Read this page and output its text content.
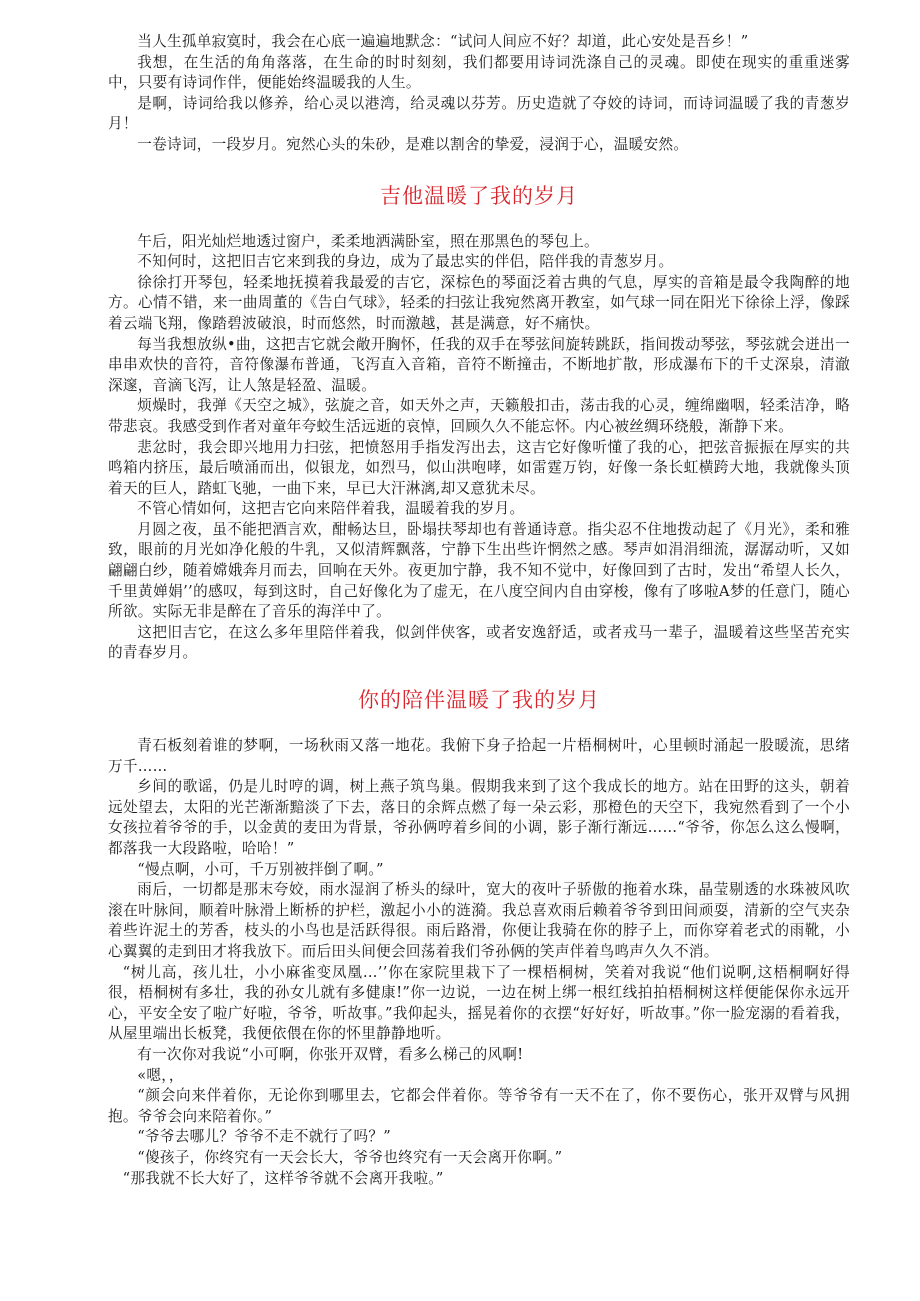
当人生孤单寂寞时，我会在心底一遍遍地默念：“试问人间应不好？却道，此心安处是吾乡！”

我想，在生活的角角落落，在生命的时时刻刻，我们都要用诗词洗涤自己的灵魂。即使在现实的重重迷雾中，只要有诗词作伴，便能始终温暖我的人生。

是啊，诗词给我以修养，给心灵以港湾，给灵魂以芬芳。历史造就了夺姣的诗词，而诗词温暖了我的青葱岁月！

一卷诗词，一段岁月。宛然心头的朱砂，是难以割舍的挚爱，浸润于心，温暖安然。

吉他温暖了我的岁月

午后，阳光灿烂地透过窗户，柔柔地洒满卧室，照在那黑色的琴包上。

不知何时，这把旧吉它来到我的身边，成为了最忠实的伴侣，陪伴我的青葱岁月。

徐徐打开琴包，轻柔地抚摸着我最爱的吉它，深棕色的琴面泛着古典的气息，厚实的音箱是最令我陶醉的地方。心情不错，来一曲周董的《告白气球》，轻柔的扫弦让我宛然离开教室，如气球一同在阳光下徐徐上浮，像踩着云端飞翔，像踏碧波破浪，时而悠然，时而激越，甚是满意，好不痛快。

每当我想放纵•曲，这把吉它就会敞开胸怀，任我的双手在琴弦间旋转跳跃，指间拨动琴弦，琴弦就会迸出一串串欢快的音符，音符像瀑布普通，飞泻直入音箱，音符不断撞击，不断地扩散，形成瀑布下的千丈深泉，清澈深邃，音滴飞泻，让人煞是轻盈、温暖。

烦燥时，我弹《天空之城》，弦旋之音，如天外之声，天籁般扣击，荡击我的心灵，缠绵幽咽，轻柔洁净，略带悲哀。我感受到作者对童年夸蛟生活远逝的哀悼，回顾久久不能忘怀。内心被丝绸环绕般，渐静下来。

悲忿时，我会即兴地用力扫弦，把愤怒用手指发泻出去，这吉它好像听懂了我的心，把弦音振振在厚实的共鸣箱内挤压，最后喷涌而出，似银龙，如烈马，似山洪咆哮，如雷霆万钧，好像一条长虹横跨大地，我就像头顶着天的巨人，踏虹飞驰，一曲下来，早已大汗淋漓,却又意犹未尽。

不管心情如何，这把吉它向来陪伴着我，温暖着我的岁月。

月圆之夜，虽不能把酒言欢，酣畅达旦，卧塌扶琴却也有普通诗意。指尖忍不住地拨动起了《月光》，柔和雅致，眼前的月光如净化般的牛乳，又似清辉飘落，宁静下生出些许惘然之感。琴声如涓涓细流，潺潺动听，又如翩翩白纱，随着嫦娥奔月而去，回响在天外。夜更加宁静，我不知不觉中，好像回到了古时，发出“希望人长久，千里黄婵娟’’的感叹，每到这时，自己好像化为了虚无，在八度空间内自由穿梭，像有了哆啦A梦的任意门，随心所欲。实际无非是醉在了音乐的海洋中了。

这把旧吉它，在这么多年里陪伴着我，似剑伴侠客，或者安逸舒适，或者戎马一辈子，温暖着这些坚苦充实的青春岁月。

你的陪伴温暖了我的岁月

青石板刻着谁的梦啊，一场秋雨又落一地花。我俯下身子拾起一片梧桐树叶，心里顿时涌起一股暖流，思绪万千……

乡间的歌谣，仍是儿时哼的调，树上燕子筑鸟巢。假期我来到了这个我成长的地方。站在田野的这头，朝着远处望去，太阳的光芒渐渐黯淡了下去，落日的余辉点燃了每一朵云彩，那橙色的天空下，我宛然看到了一个小女孩拉着爷爷的手，以金黄的麦田为背景，爷孙俩哼着乡间的小调，影子渐行渐远……“爷爷，你怎么这么慢啊，都落我一大段路啦，哈哈！”

“慢点啊，小可，千万别被拌倒了啊。”

雨后，一切都是那末夸姣，雨水湿润了桥头的绿叶，宽大的夜叶子骄傲的拖着水珠，晶莹剔透的水珠被风吹滚在叶脉间，顺着叶脉滑上断桥的护栏，激起小小的涟漪。我总喜欢雨后赖着爷爷到田间顽耍，清新的空气夹杂着些许泥土的芳香，枝头的小鸟也是活跃得很。雨后路滑，你便让我骑在你的脖子上，而你穿着老式的雨靴，小心翼翼的走到田才将我放下。而后田头间便会回荡着我们爷孙俩的笑声伴着鸟鸣声久久不消。

“树儿高，孩儿壮，小小麻雀变凤凰…’’你在家院里栽下了一棵梧桐树，笑着对我说“他们说啊,这梧桐啊好得很，梧桐树有多壮，我的孙女儿就有多健康!”你一边说，一边在树上绑一根红线拍拍梧桐树这样便能保你永远开心，平安全安了啦广好啦，爷爷，听故事。”我仰起头，摇晃着你的衣摆“好好好，听故事。”你一脸宠溺的看着我，从屋里端出长板凳，我便依偎在你的怀里静静地听。

有一次你对我说“小可啊，你张开双臂，看多么梯己的风啊!

«嗯，，

“颜会向来伴着你，无论你到哪里去，它都会伴着你。等爷爷有一天不在了，你不要伤心，张开双臂与风拥抱。爷爷会向来陪着你。”

“爷爷去哪儿？爷爷不走不就行了吗？”

“傻孩子，你终究有一天会长大，爷爷也终究有一天会离开你啊。”

“那我就不长大好了，这样爷爷就不会离开我啦。”
